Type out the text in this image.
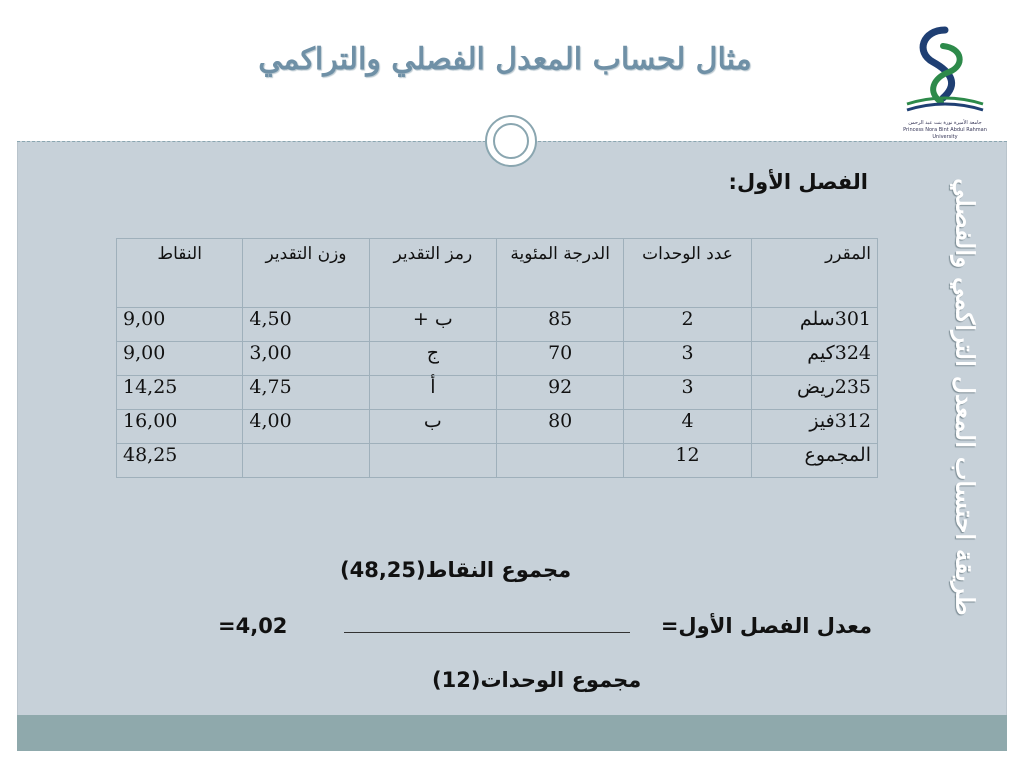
مثال لحساب المعدل الفصلي والتراكمي
جامعة الأميرة نورة بنت عبد الرحمن
Princess Nora Bint Abdul Rahman University
طريقة احتساب المعدل التراكمي والفصلي
الفصل الأول:
المقرر	عدد الوحدات	الدرجة المئوية	رمز التقدير	وزن التقدير	النقاط
301سلم	2	85	ب +	4,50	9,00
324كيم	3	70	ج	3,00	9,00
235ريض	3	92	أ	4,75	14,25
312فيز	4	80	ب	4,00	16,00
المجموع	12				48,25
مجموع النقاط(48,25)
معدل الفصل الأول=
4,02=
مجموع الوحدات(12)
